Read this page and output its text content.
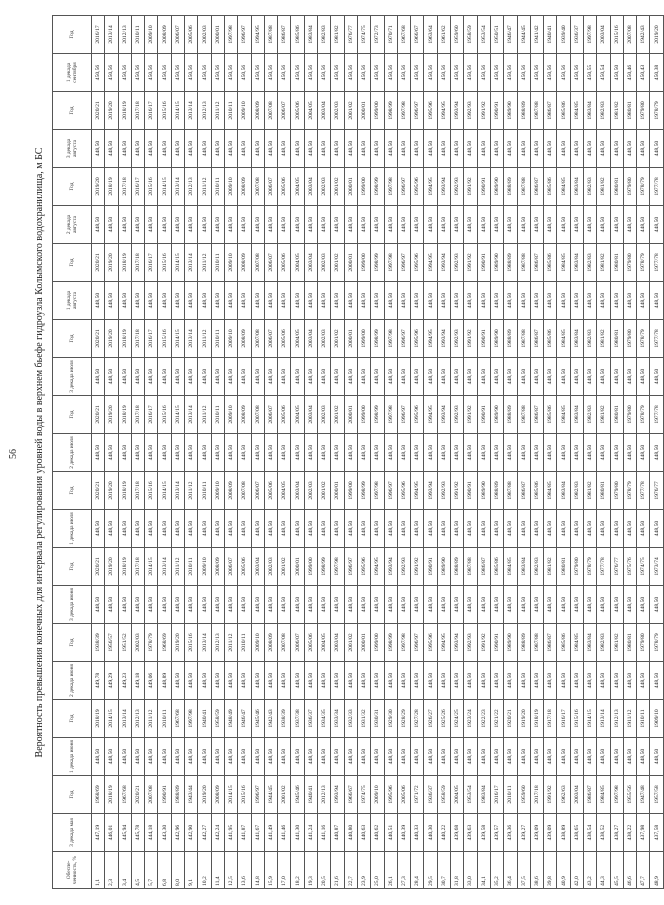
56 Вероятность превышения конечных для интервала регулирования уровней воды в верхнем бьефе гидроузла Колымского водохранилища, м БС
Обеспе-ченность, %	3 декада мая	Год	1 декада июня	Год	2 декада июня	Год	3 декада июня	Год	1 декада июля	Год	2 декада июля	Год	3 декада июля	Год	1 декада августа	Год	2 декада августа	Год	3 декада августа	Год	1 декада сентября	Год	
1,1	447,19	1968/69	448,50	2018/19	449,78	1938/39	448,50	2020/21	448,50	2020/21	448,50	2020/21	448,50	2020/21	448,50	2020/21	448,50	2019/20	448,50	2020/21	450,56	2016/17		
2,3	446,01	2018/19	448,50	2014/15	449,29	1956/57	448,50	2019/20	448,50	2019/20	448,50	2019/20	448,50	2019/20	448,50	2019/20	448,50	2018/19	448,50	2019/20	450,56	2013/14		
3,4	445,94	1967/68	448,50	2013/14	449,23	1951/52	448,50	2018/19	448,50	2018/19	448,50	2018/19	448,50	2018/19	448,50	2018/19	448,50	2017/18	448,50	2018/19	450,56	2012/13		
4,5	445,78	2020/21	448,50	2012/13	449,18	2002/03	448,50	2017/18	448,50	2017/18	448,50	2017/18	448,50	2017/18	448,50	2017/18	448,50	2016/17	448,50	2017/18	450,56	2010/11		
5,7	444,18	2007/08	448,50	2011/12	449,06	1978/79	448,50	2014/15	448,50	2015/16	448,50	2016/17	448,50	2016/17	448,50	2016/17	448,50	2015/16	448,50	2016/17	450,56	2009/10		
6,8	443,30	1990/91	448,50	2010/11	448,89	1968/69	448,50	2013/14	448,50	2014/15	448,50	2015/16	448,50	2015/16	448,50	2015/16	448,50	2014/15	448,50	2015/16	450,56	2008/09		
8,0	442,96	1988/89	448,50	1967/68	448,50	2019/20	448,50	2011/12	448,50	2013/14	448,50	2014/15	448,50	2014/15	448,50	2014/15	448,50	2013/14	448,50	2014/15	450,56	2006/07		
9,1	442,90	1943/44	448,50	1997/98	448,50	2015/16	448,50	2010/11	448,50	2011/12	448,50	2013/14	448,50	2013/14	448,50	2013/14	448,50	2012/13	448,50	2013/14	450,56	2005/06		
10,2	442,27	2019/20	448,50	1940/41	448,50	2013/14	448,50	2009/10	448,50	2010/11	448,50	2011/12	448,50	2011/12	448,50	2011/12	448,50	2011/12	448,50	2012/13	450,56	2002/03		
11,4	442,24	2008/09	448,50	1958/59	448,50	2012/13	448,50	2008/09	448,50	2009/10	448,50	2010/11	448,50	2010/11	448,50	2010/11	448,50	2010/11	448,50	2011/12	450,56	2000/01		
12,5	441,95	2014/15	448,50	1948/49	448,50	2011/12	448,50	2006/07	448,50	2008/09	448,50	2009/10	448,50	2009/10	448,50	2009/10	448,50	2009/10	448,50	2010/11	450,56	1997/98		
13,6	441,87	2015/16	448,50	1946/47	448,50	2010/11	448,50	2005/06	448,50	2007/08	448,50	2008/09	448,50	2008/09	448,50	2008/09	448,50	2008/09	448,50	2009/10	450,56	1996/97		
14,8	441,67	1996/97	448,50	1945/46	448,50	2009/10	448,50	2003/04	448,50	2006/07	448,50	2007/08	448,50	2007/08	448,50	2007/08	448,50	2007/08	448,50	2008/09	450,56	1994/95		
15,9	441,49	1944/45	448,50	1942/43	448,50	2008/09	448,50	2002/03	448,50	2005/06	448,50	2006/07	448,50	2006/07	448,50	2006/07	448,50	2006/07	448,50	2007/08	450,56	1987/88		
17,0	441,46	2001/02	448,50	1938/39	448,50	2007/08	448,50	2001/02	448,50	2004/05	448,50	2005/06	448,50	2005/06	448,50	2005/06	448,50	2005/06	448,50	2006/07	450,56	1986/87		
18,2	441,30	1945/46	448,50	1937/38	448,50	2006/07	448,50	2000/01	448,50	2003/04	448,50	2004/05	448,50	2004/05	448,50	2004/05	448,50	2004/05	448,50	2005/06	450,56	1985/86		
19,3	441,24	1940/41	448,50	1936/37	448,50	2005/06	448,50	1999/00	448,50	2002/03	448,50	2003/04	448,50	2003/04	448,50	2003/04	448,50	2003/04	448,50	2004/05	450,56	1983/84		
20,5	441,16	2012/13	448,50	1934/35	448,50	2004/05	448,50	1998/99	448,50	2001/02	448,50	2002/03	448,50	2002/03	448,50	2002/03	448,50	2002/03	448,50	2003/04	450,56	1982/83		
21,6	440,87	1993/94	448,50	1933/34	448,50	2003/04	448,50	1997/98	448,50	2000/01	448,50	2001/02	448,50	2001/02	448,50	2001/02	448,50	2001/02	448,50	2002/03	450,56	1981/82		
22,7	440,80	1966/67	448,50	1932/33	448,50	2001/02	448,50	1996/97	448,50	1999/00	448,50	2000/01	448,50	2000/01	448,50	2000/01	448,50	2000/01	448,50	2001/02	450,56	1976/77		
23,9	440,63	1974/75	448,50	1931/32	448,50	2000/01	448,50	1995/96	448,50	1998/99	448,50	1999/00	448,50	1999/00	448,50	1999/00	448,50	1999/00	448,50	2000/01	450,56	1974/75		
25,0	440,62	2009/10	448,50	1930/31	448,50	1999/00	448,50	1994/95	448,50	1997/98	448,50	1998/99	448,50	1998/99	448,50	1998/99	448,50	1998/99	448,50	1999/00	450,56	1972/73		
26,1	440,51	1995/96	448,50	1929/30	448,50	1998/99	448,50	1993/94	448,50	1996/97	448,50	1997/98	448,50	1997/98	448,50	1997/98	448,50	1997/98	448,50	1998/99	450,56	1970/71		
27,3	440,39	2005/06	448,50	1928/29	448,50	1997/98	448,50	1992/93	448,50	1995/96	448,50	1996/97	448,50	1996/97	448,50	1996/97	448,50	1996/97	448,50	1997/98	450,56	1967/68		
28,4	440,33	1971/72	448,50	1927/28	448,50	1996/97	448,50	1991/92	448,50	1994/95	448,50	1995/96	448,50	1995/96	448,50	1995/96	448,50	1995/96	448,50	1996/97	450,56	1966/67		
29,5	440,30	1936/37	448,50	1926/27	448,50	1995/96	448,50	1990/91	448,50	1993/94	448,50	1994/95	448,50	1994/95	448,50	1994/95	448,50	1994/95	448,50	1995/96	450,56	1963/64		
30,7	440,22	1958/59	448,50	1925/26	448,50	1994/95	448,50	1989/90	448,50	1992/93	448,50	1993/94	448,50	1993/94	448,50	1993/94	448,50	1993/94	448,50	1994/95	450,56	1961/62		
31,8	439,68	2004/05	448,50	1924/25	448,50	1993/94	448,50	1988/89	448,50	1991/92	448,50	1992/93	448,50	1992/93	448,50	1992/93	448,50	1992/93	448,50	1993/94	450,56	1959/60		
33,0	439,63	1953/54	448,50	1923/24	448,50	1992/93	448,50	1987/88	448,50	1990/91	448,50	1991/92	448,50	1991/92	448,50	1991/92	448,50	1991/92	448,50	1992/93	450,56	1958/59		
34,1	439,58	1983/84	448,50	1922/23	448,50	1991/92	448,50	1986/87	448,50	1989/90	448,50	1990/91	448,50	1990/91	448,50	1990/91	448,50	1990/91	448,50	1991/92	450,56	1953/54		
35,2	439,57	2016/17	448,50	1921/22	448,50	1990/91	448,50	1985/86	448,50	1988/89	448,50	1989/90	448,50	1989/90	448,50	1989/90	448,50	1989/90	448,50	1990/91	450,56	1950/51		
36,4	439,36	2010/11	448,50	1920/21	448,50	1989/90	448,50	1984/85	448,50	1987/88	448,50	1988/89	448,50	1988/89	448,50	1988/89	448,50	1988/89	448,50	1989/90	450,56	1946/47		
37,5	439,27	1959/60	448,50	1919/20	448,50	1988/89	448,50	1983/84	448,50	1986/87	448,50	1987/88	448,50	1987/88	448,50	1987/88	448,50	1987/88	448,50	1988/89	450,56	1944/45		
38,6	439,09	2017/18	448,50	1918/19	448,50	1987/88	448,50	1982/83	448,50	1985/86	448,50	1986/87	448,50	1986/87	448,50	1986/87	448,50	1986/87	448,50	1987/88	450,56	1941/42		
39,8	439,09	1991/92	448,50	1917/18	448,50	1986/87	448,50	1981/82	448,50	1984/85	448,50	1985/86	448,50	1985/86	448,50	1985/86	448,50	1985/86	448,50	1986/87	450,56	1940/41		
40,9	438,89	1962/63	448,50	1916/17	448,50	1985/86	448,50	1980/81	448,50	1983/84	448,50	1984/85	448,50	1984/85	448,50	1984/85	448,50	1984/85	448,50	1985/86	450,56	1939/40		
42,0	438,65	2003/04	448,50	1915/16	448,50	1984/85	448,50	1979/80	448,50	1982/83	448,50	1983/84	448,50	1983/84	448,50	1983/84	448,50	1983/84	448,50	1984/85	450,56	1936/37		
43,2	438,54	1986/87	448,50	1914/15	448,50	1983/84	448,50	1978/79	448,50	1981/82	448,50	1982/83	448,50	1982/83	448,50	1982/83	448,50	1982/83	448,50	1983/84	450,55	1997/98		
44,3	438,52	1984/85	448,50	1913/14	448,50	1982/83	448,50	1977/78	448,50	1980/81	448,50	1981/82	448,50	1981/82	448,50	1981/82	448,50	1981/82	448,50	1982/83	450,54	2003/04		
45,5	438,27	1997/98	448,50	1912/13	448,50	1981/82	448,50	1976/77	448,50	1979/80	448,50	1980/81	448,50	1980/81	448,50	1980/81	448,50	1980/81	448,50	1981/82	450,50	2015/16		
46,6	438,22	1955/56	448,50	1911/12	448,50	1980/81	448,50	1975/76	448,50	1978/79	448,50	1979/80	448,50	1979/80	448,50	1979/80	448,50	1979/80	448,50	1980/81	450,46	2007/08		
47,7	437,98	1947/48	448,50	1910/11	448,50	1979/80	448,50	1974/75	448,50	1977/78	448,50	1978/79	448,50	1978/79	448,50	1978/79	448,50	1978/79	448,50	1979/80	450,43	1942/43		
48,9	437,58	1957/58	448,50	1909/10	448,50	1978/79	448,50	1973/74	448,50	1976/77	448,50	1977/78	448,50	1977/78	448,50	1977/78	448,50	1977/78	448,50	1978/79	450,38	2019/20		
